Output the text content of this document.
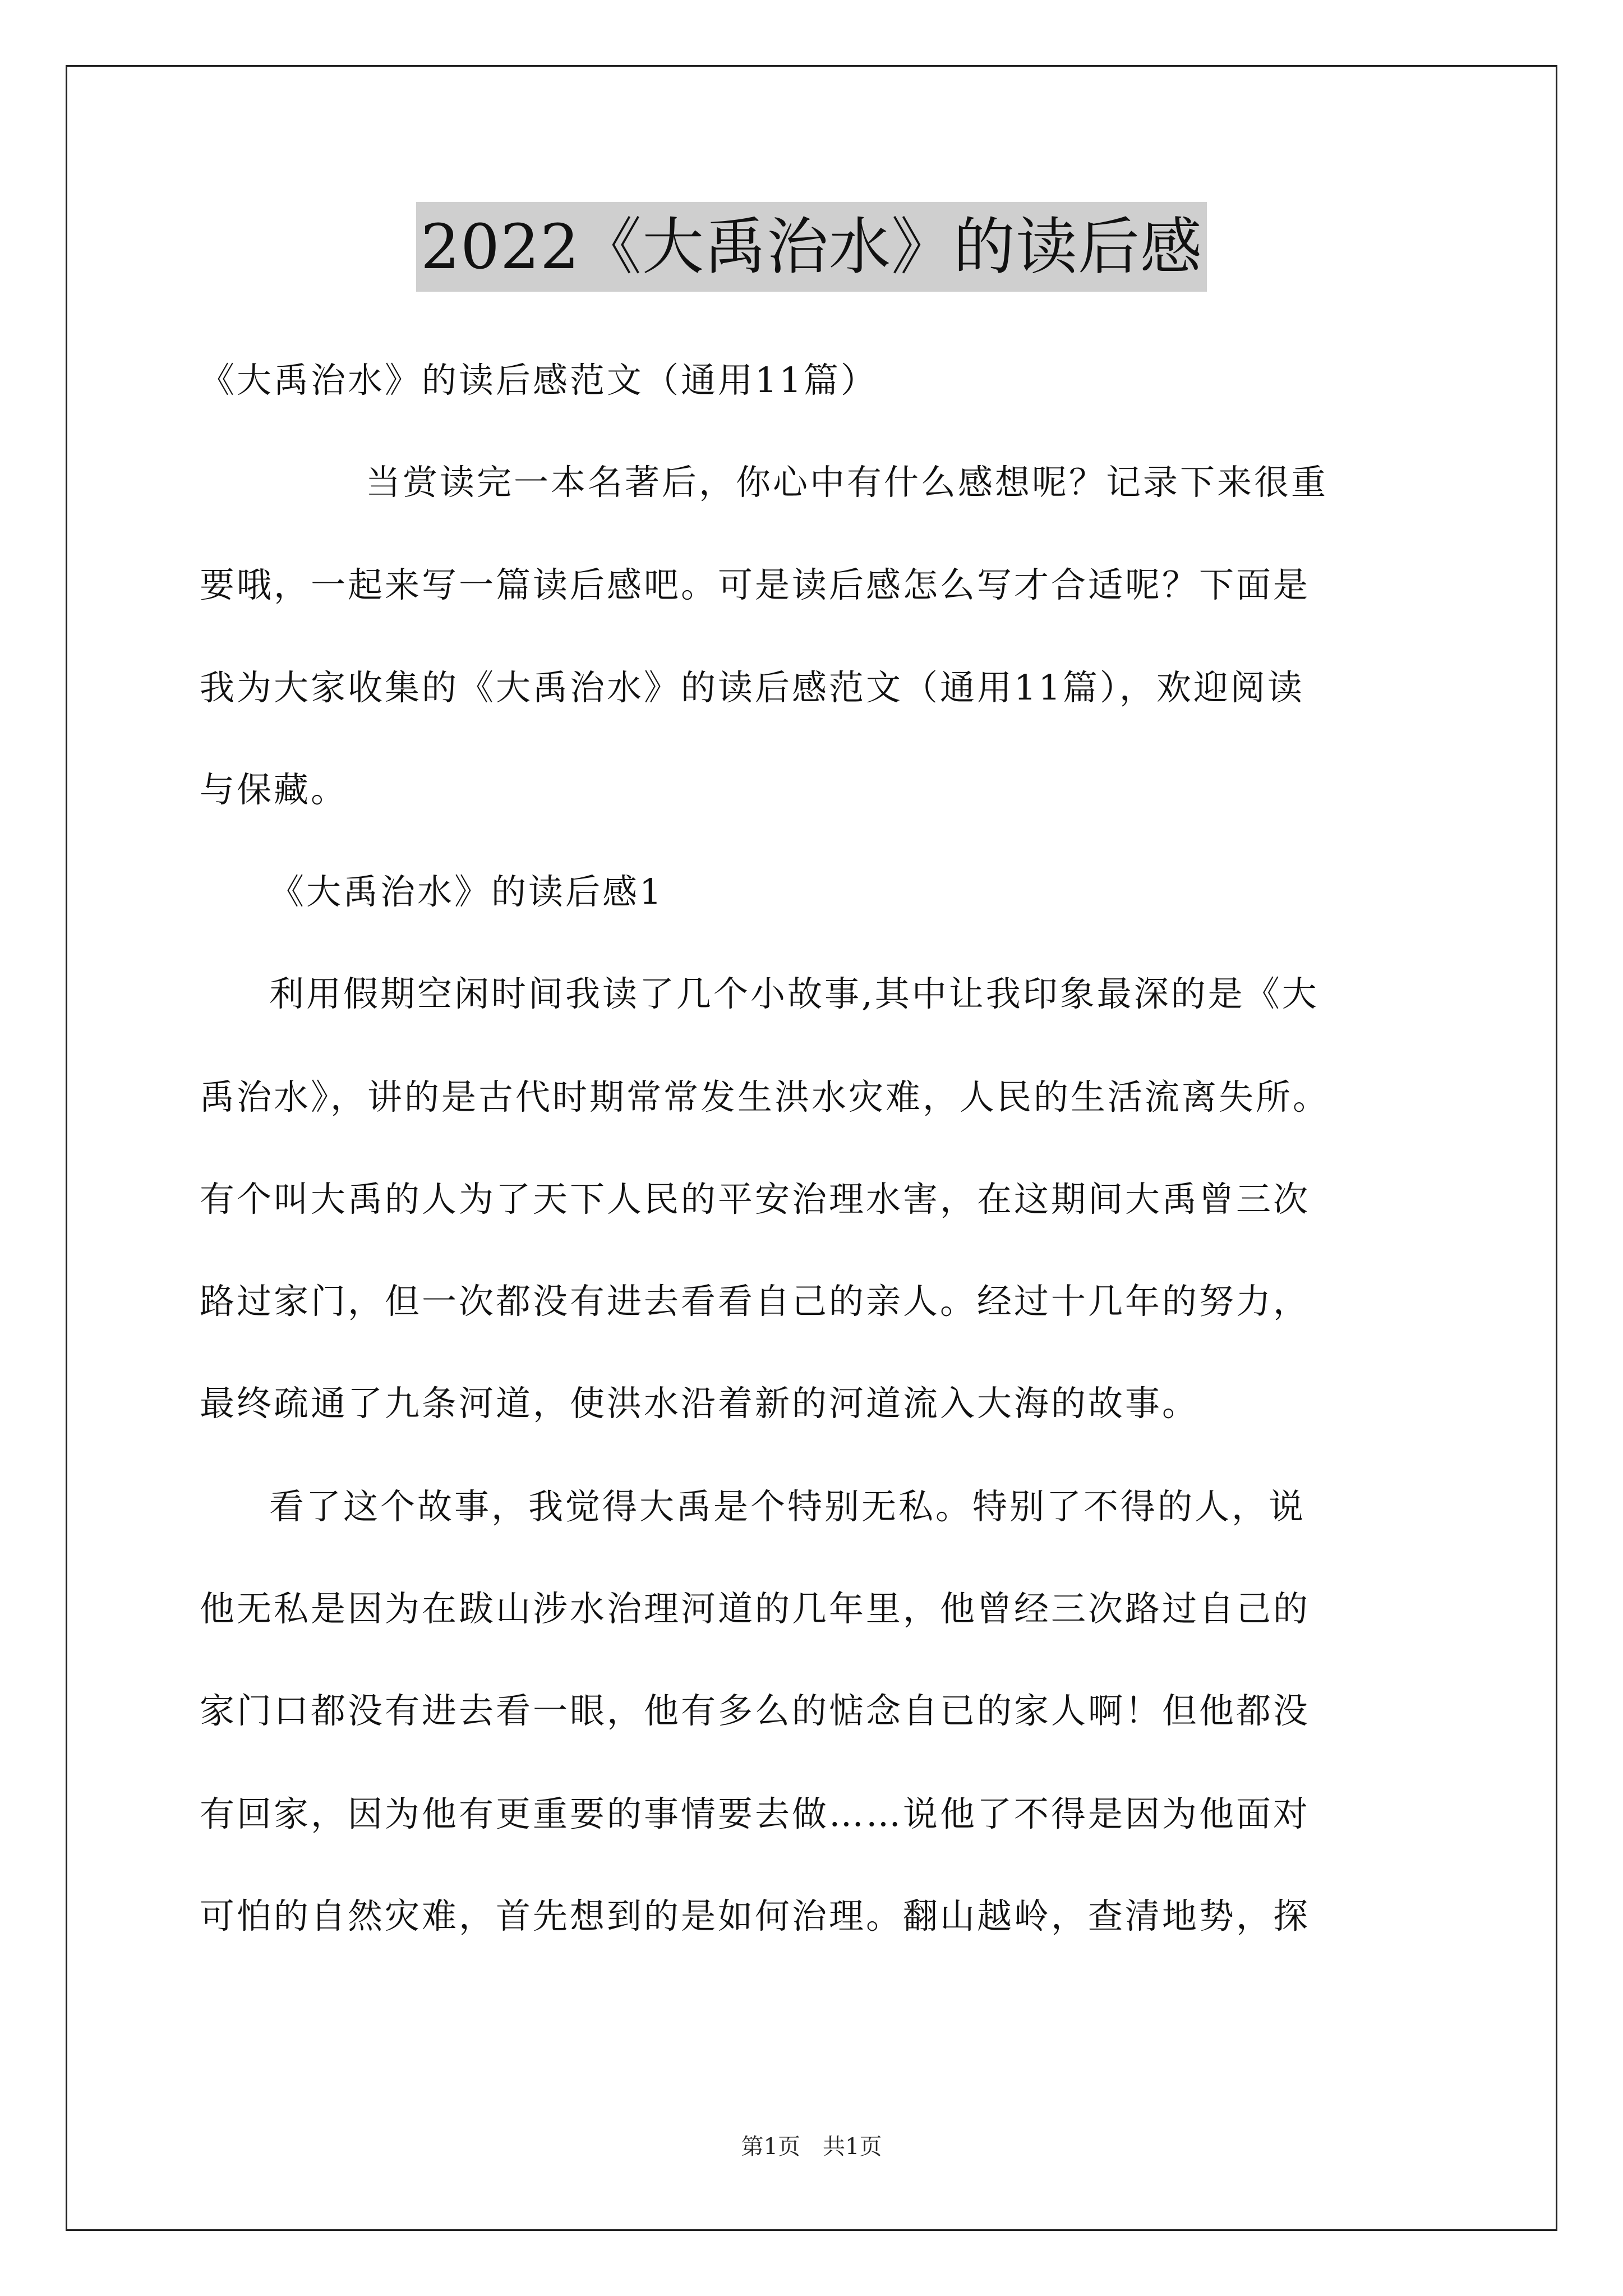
2022《大禹治水》的读后感
《大禹治水》的读后感范文（通用11篇）
当赏读完一本名著后，你心中有什么感想呢？记录下来很重
要哦，一起来写一篇读后感吧。可是读后感怎么写才合适呢？下面是
我为大家收集的《大禹治水》的读后感范文（通用11篇），欢迎阅读
与保藏。
《大禹治水》的读后感1
利用假期空闲时间我读了几个小故事,其中让我印象最深的是《大
禹治水》，讲的是古代时期常常发生洪水灾难，人民的生活流离失所。
有个叫大禹的人为了天下人民的平安治理水害，在这期间大禹曾三次
路过家门，但一次都没有进去看看自己的亲人。经过十几年的努力，
最终疏通了九条河道，使洪水沿着新的河道流入大海的故事。
看了这个故事，我觉得大禹是个特别无私。特别了不得的人，说
他无私是因为在跋山涉水治理河道的几年里，他曾经三次路过自己的
家门口都没有进去看一眼，他有多么的惦念自已的家人啊！但他都没
有回家，因为他有更重要的事情要去做……说他了不得是因为他面对
可怕的自然灾难，首先想到的是如何治理。翻山越岭，查清地势，探
第1页　共1页
